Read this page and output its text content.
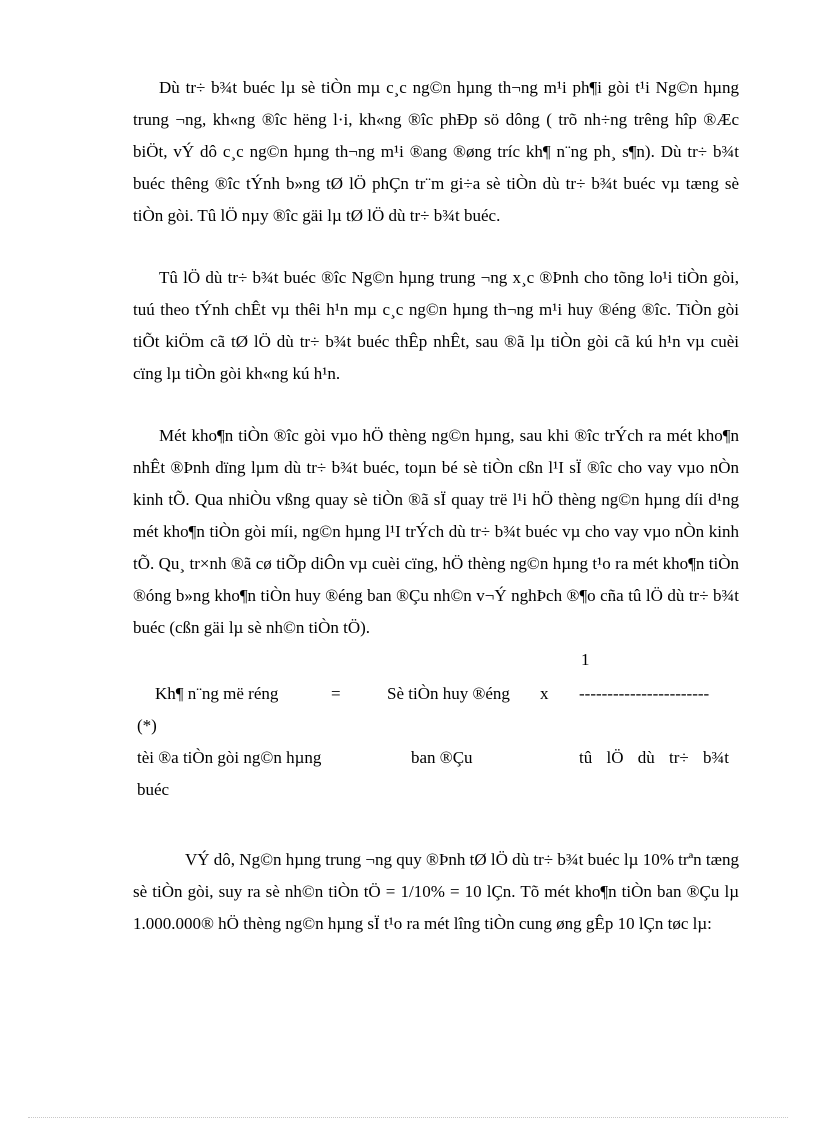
Dù tr÷ b¾t buéc lµ sè tiÒn mµ c¸c ng©n hµng th¬ng m¹i ph¶i gòi t¹i Ng©n hµng trung ¬ng, kh«ng ®îc hëng l·i, kh«ng ®îc phÐp sö dông ( trõ nh÷ng trêng hîp ®Æc biÖt, vÝ dô c¸c ng©n hµng th¬ng m¹i ®ang ®øng tríc kh¶ n¨ng ph¸ s¶n). Dù tr÷ b¾t buéc thêng ®îc tÝnh b»ng tØ lÖ phÇn tr¨m gi÷a sè tiÒn dù tr÷ b¾t buéc vµ tæng sè tiÒn gòi. Tû lÖ nµy ®îc gäi lµ tØ lÖ dù tr÷ b¾t buéc.

Tû lÖ dù tr÷ b¾t buéc ®îc Ng©n hµng trung ¬ng x¸c ®Þnh cho tõng lo¹i tiÒn gòi, tuú theo tÝnh chÊt vµ thêi h¹n mµ c¸c ng©n hµng th¬ng m¹i huy ®éng ®îc. TiÒn gòi tiÕt kiÖm cã tØ lÖ dù tr÷ b¾t buéc thÊp nhÊt, sau ®ã lµ tiÒn gòi cã kú h¹n vµ cuèi cïng lµ tiÒn gòi kh«ng kú h¹n.

Mét kho¶n tiÒn ®îc gòi vµo hÖ thèng ng©n hµng, sau khi ®îc trÝch ra mét kho¶n nhÊt ®Þnh dïng lµm dù tr÷ b¾t buéc, toµn bé sè tiÒn cßn l¹I sÏ ®îc cho vay vµo nÒn kinh tÕ. Qua nhiÒu vßng quay sè tiÒn ®ã sÏ quay trë l¹i hÖ thèng ng©n hµng díi d¹ng mét kho¶n tiÒn gòi míi, ng©n hµng l¹I trÝch dù tr÷ b¾t buéc vµ cho vay vµo nÒn kinh tÕ. Qu¸ tr×nh ®ã cø tiÕp diÔn vµ cuèi cïng, hÖ thèng ng©n hµng t¹o ra mét kho¶n tiÒn ®óng b»ng kho¶n tiÒn huy ®éng ban ®Çu nh©n v¬Ý nghÞch ®¶o cña tû lÖ dù tr÷ b¾t buéc (cßn gäi lµ sè nh©n tiÒn tÖ).

1
Kh¶ n¨ng më réng	=	Sè tiÒn huy ®éng x -----------------------
(*)
tèi ®a tiÒn gòi ng©n hµng	ban ®Çu	tû lÖ dù tr÷ b¾t
buéc

VÝ dô, Ng©n hµng trung ¬ng quy ®Þnh tØ lÖ dù tr÷ b¾t buéc lµ 10% trªn tæng sè tiÒn gòi, suy ra sè nh©n tiÒn tÖ = 1/10% = 10 lÇn. Tõ mét kho¶n tiÒn ban ®Çu lµ 1.000.000® hÖ thèng ng©n hµng sÏ t¹o ra mét lîng tiÒn cung øng gÊp 10 lÇn tøc lµ:
